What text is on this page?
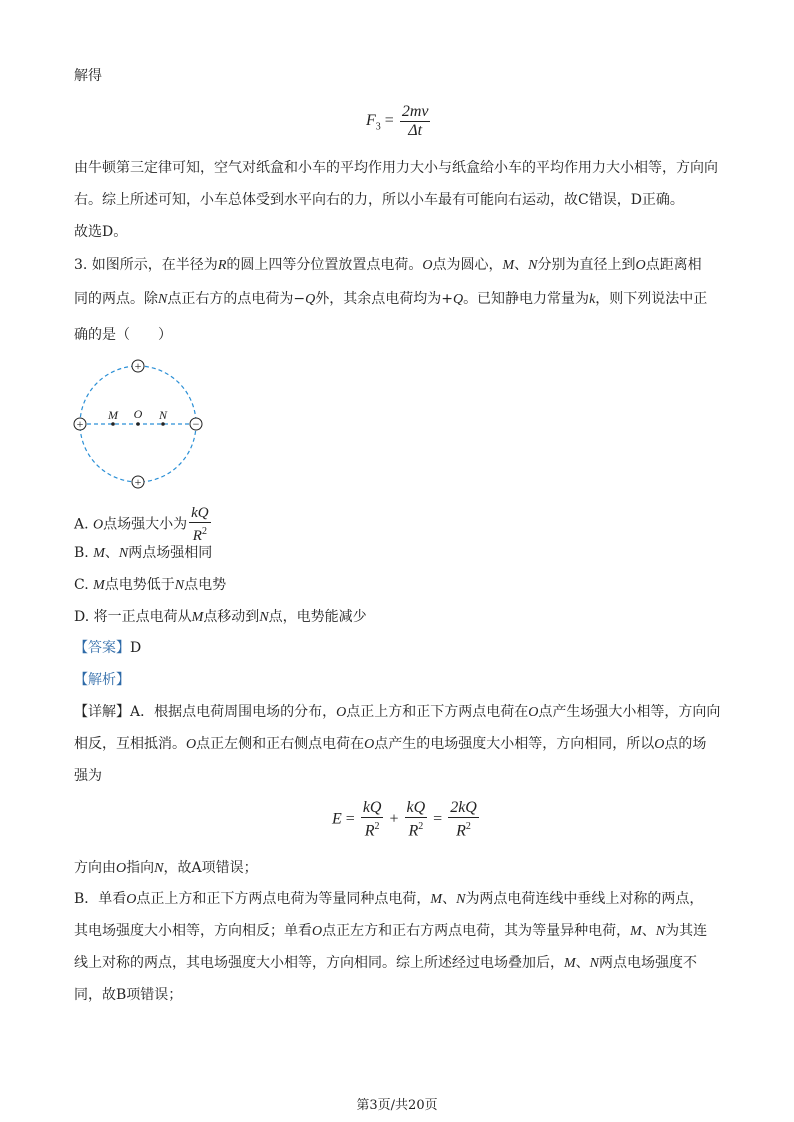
解得
$F_3 = \frac{2mv}{\Delta t}$
由牛顿第三定律可知，空气对纸盒和小车的平均作用力大小与纸盒给小车的平均作用力大小相等，方向向
右。综上所述可知，小车总体受到水平向右的力，所以小车最有可能向右运动，故C错误，D正确。
故选D。
3. 如图所示，在半径为R的圆上四等分位置放置点电荷。O点为圆心，M、N分别为直径上到O点距离相
同的两点。除N点正右方的点电荷为−Q外，其余点电荷均为+Q。已知静电力常量为k，则下列说法中正
确的是（　　）
+
+
+	−
M O N
A. O点场强大小为 $\frac{kQ}{R^2}$
B. M、N两点场强相同
C. M点电势低于N点电势
D. 将一正点电荷从M点移动到N点，电势能减少
【答案】D
【解析】
【详解】A．根据点电荷周围电场的分布，O点正上方和正下方两点电荷在O点产生场强大小相等，方向向
相反，互相抵消。O点正左侧和正右侧点电荷在O点产生的电场强度大小相等，方向相同，所以O点的场
强为
$E = \frac{kQ}{R^2} + \frac{kQ}{R^2} = \frac{2kQ}{R^2}$
方向由O指向N，故A项错误；
B．单看O点正上方和正下方两点电荷为等量同种点电荷，M、N为两点电荷连线中垂线上对称的两点，
其电场强度大小相等，方向相反；单看O点正左方和正右方两点电荷，其为等量异种电荷，M、N为其连
线上对称的两点，其电场强度大小相等，方向相同。综上所述经过电场叠加后，M、N两点电场强度不
同，故B项错误；
第3页/共20页
